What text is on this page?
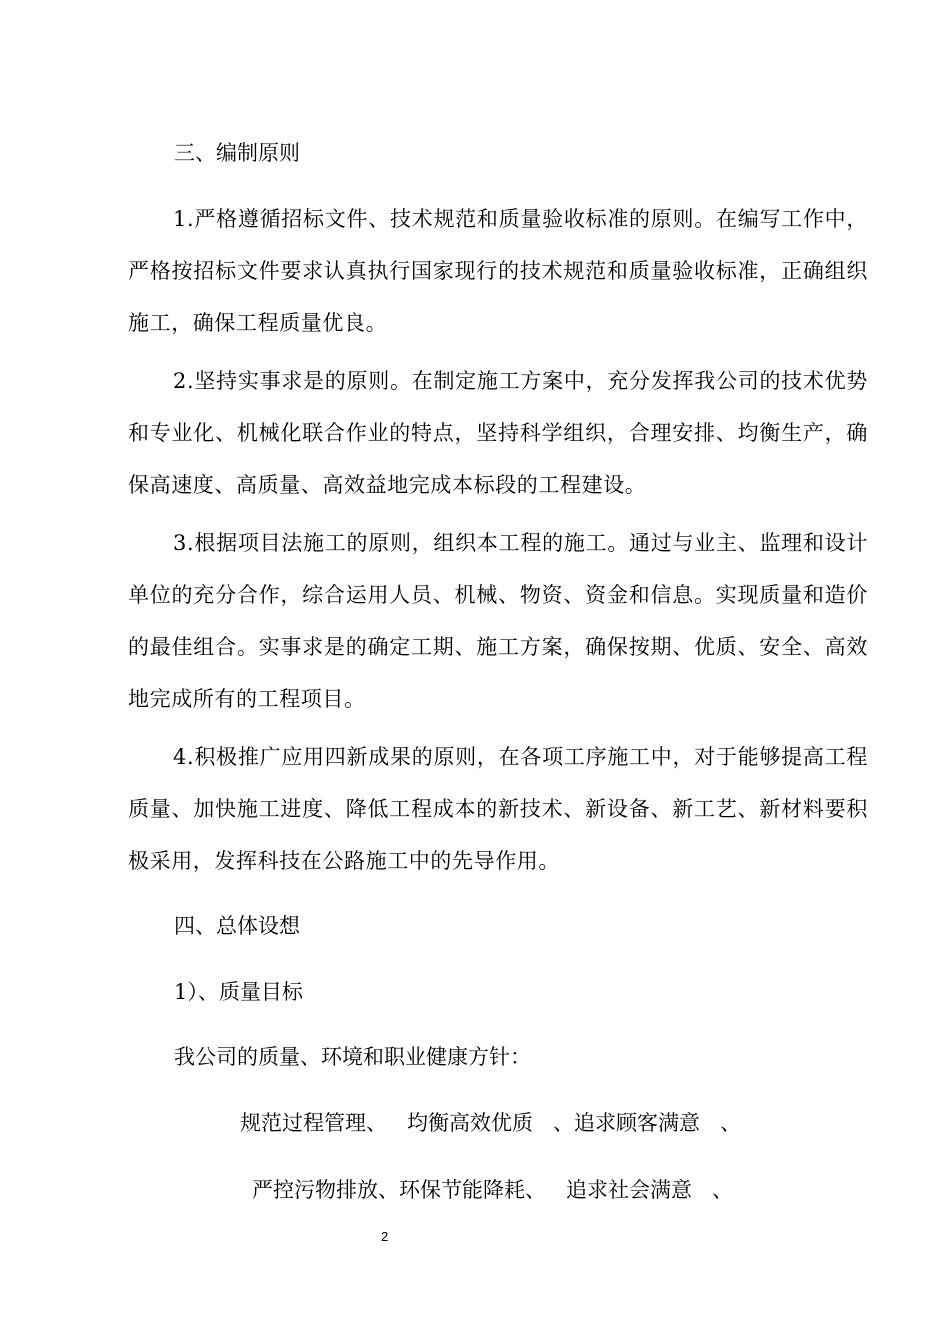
三、编制原则
1.严格遵循招标文件、技术规范和质量验收标准的原则。在编写工作中，严格按招标文件要求认真执行国家现行的技术规范和质量验收标准，正确组织施工，确保工程质量优良。
2.坚持实事求是的原则。在制定施工方案中，充分发挥我公司的技术优势和专业化、机械化联合作业的特点，坚持科学组织，合理安排、均衡生产，确保高速度、高质量、高效益地完成本标段的工程建设。
3.根据项目法施工的原则，组织本工程的施工。通过与业主、监理和设计单位的充分合作，综合运用人员、机械、物资、资金和信息。实现质量和造价的最佳组合。实事求是的确定工期、施工方案，确保按期、优质、安全、高效地完成所有的工程项目。
4.积极推广应用四新成果的原则，在各项工序施工中，对于能够提高工程质量、加快施工进度、降低工程成本的新技术、新设备、新工艺、新材料要积极采用，发挥科技在公路施工中的先导作用。
四、总体设想
1）、质量目标
我公司的质量、环境和职业健康方针：
规范过程管理、   均衡高效优质   、追求顾客满意   、
严控污物排放、环保节能降耗、   追求社会满意   、
2
